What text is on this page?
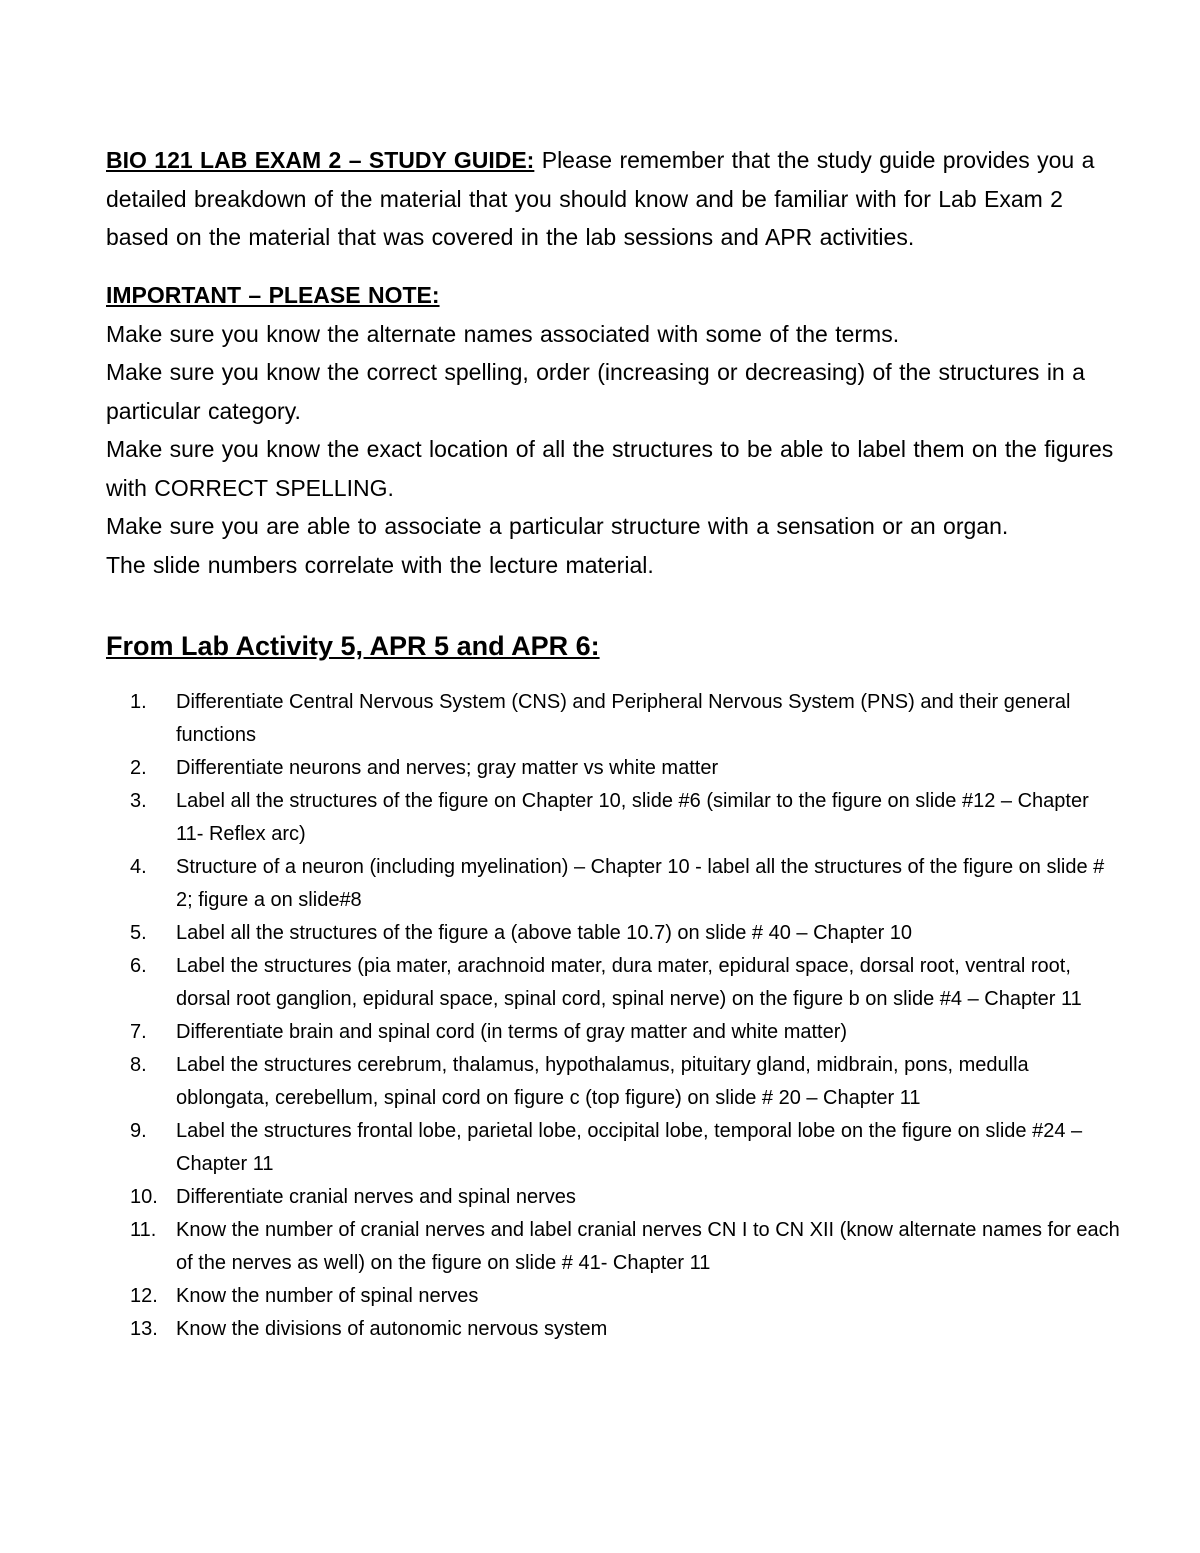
BIO 121 LAB EXAM 2 – STUDY GUIDE: Please remember that the study guide provides you a detailed breakdown of the material that you should know and be familiar with for Lab Exam 2 based on the material that was covered in the lab sessions and APR activities.

IMPORTANT – PLEASE NOTE:

Make sure you know the alternate names associated with some of the terms.

Make sure you know the correct spelling, order (increasing or decreasing) of the structures in a particular category.

Make sure you know the exact location of all the structures to be able to label them on the figures with CORRECT SPELLING.

Make sure you are able to associate a particular structure with a sensation or an organ.

The slide numbers correlate with the lecture material.

From Lab Activity 5, APR 5 and APR 6:
1.	Differentiate Central Nervous System (CNS) and Peripheral Nervous System (PNS) and their general functions
2.	Differentiate neurons and nerves; gray matter vs white matter
3.	Label all the structures of the figure on Chapter 10, slide #6 (similar to the figure on slide #12 – Chapter 11- Reflex arc)
4.	Structure of a neuron (including myelination) – Chapter 10 - label all the structures of the figure on slide # 2; figure a on slide#8
5.	Label all the structures of the figure a (above table 10.7) on slide # 40 – Chapter 10
6.	Label the structures (pia mater, arachnoid mater, dura mater, epidural space, dorsal root, ventral root, dorsal root ganglion, epidural space, spinal cord, spinal nerve) on the figure b on slide #4 – Chapter 11
7.	Differentiate brain and spinal cord (in terms of gray matter and white matter)
8.	Label the structures cerebrum, thalamus, hypothalamus, pituitary gland, midbrain, pons, medulla oblongata, cerebellum, spinal cord on figure c (top figure) on slide # 20 – Chapter 11
9.	Label the structures frontal lobe, parietal lobe, occipital lobe, temporal lobe on the figure on slide #24 – Chapter 11
10. Differentiate cranial nerves and spinal nerves
11. Know the number of cranial nerves and label cranial nerves CN I to CN XII (know alternate names for each of the nerves as well) on the figure on slide # 41- Chapter 11
12. Know the number of spinal nerves
13. Know the divisions of autonomic nervous system
